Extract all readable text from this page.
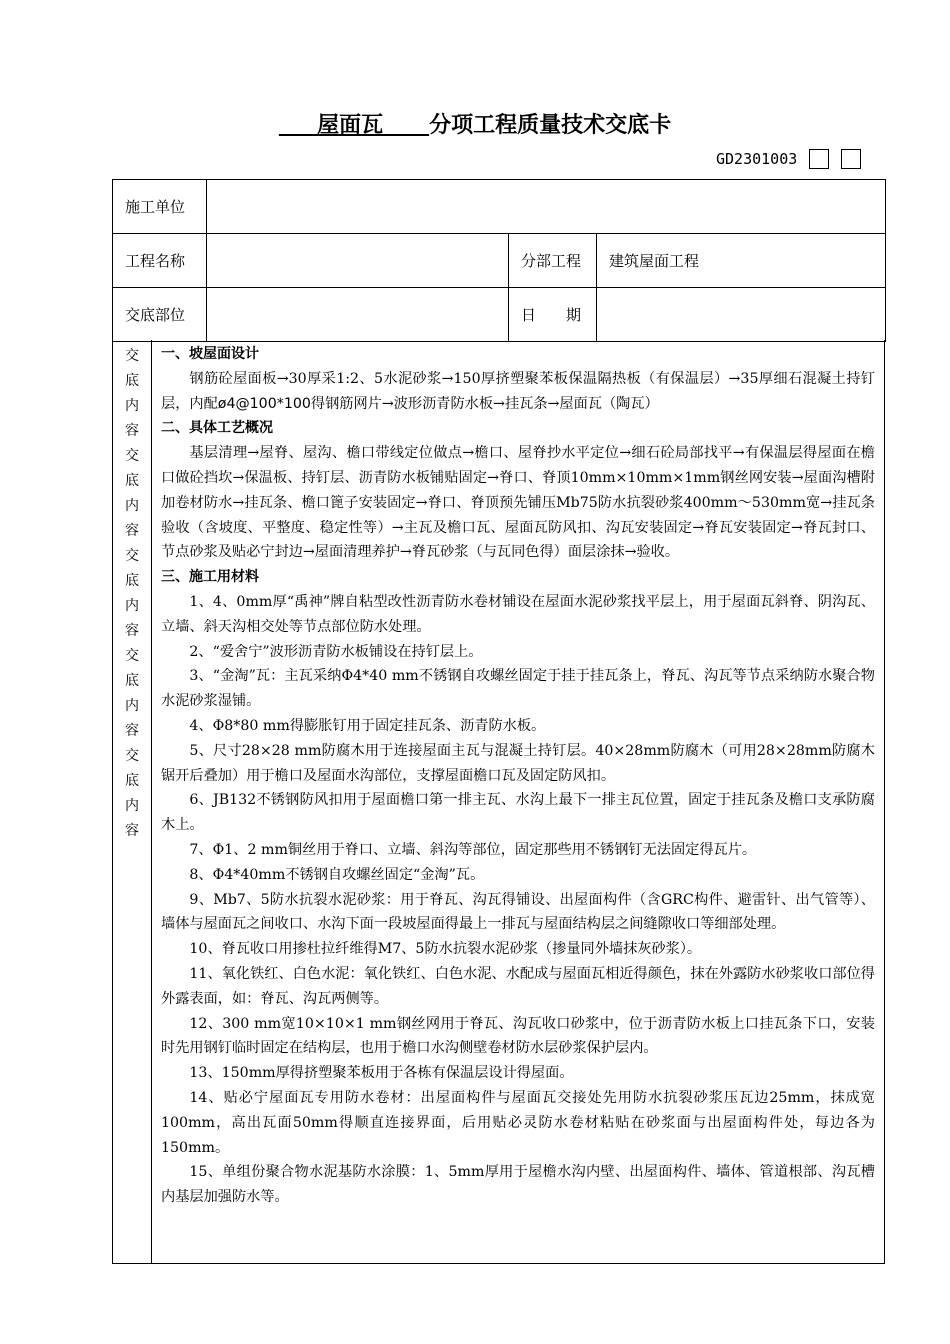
屋面瓦      分项工程质量技术交底卡
GD2301003
施工单位			
工程名称		分部工程	建筑屋面工程
交底部位		日　　期	
交
底
内
容
交
底
内
容
交
底
内
容
交
底
内
容
交
底
内
容

一、坡屋面设计

钢筋砼屋面板→30厚采1:2、5水泥砂浆→150厚挤塑聚苯板保温隔热板（有保温层）→35厚细石混凝土持钉层，内配ø4@100*100得钢筋网片→波形沥青防水板→挂瓦条→屋面瓦（陶瓦）

二、具体工艺概况

基层清理→屋脊、屋沟、檐口带线定位做点→檐口、屋脊抄水平定位→细石砼局部找平→有保温层得屋面在檐口做砼挡坎→保温板、持钉层、沥青防水板铺贴固定→脊口、脊顶10mm×10mm×1mm钢丝网安装→屋面沟槽附加卷材防水→挂瓦条、檐口篦子安装固定→脊口、脊顶预先铺压Mb75防水抗裂砂浆400mm～530mm宽→挂瓦条验收（含坡度、平整度、稳定性等）→主瓦及檐口瓦、屋面瓦防风扣、沟瓦安装固定→脊瓦安装固定→脊瓦封口、节点砂浆及贴必宁封边→屋面清理养护→脊瓦砂浆（与瓦同色得）面层涂抹→验收。

三、施工用材料

1、4、0mm厚“禹神”牌自粘型改性沥青防水卷材铺设在屋面水泥砂浆找平层上，用于屋面瓦斜脊、阴沟瓦、立墙、斜天沟相交处等节点部位防水处理。

2、“爱舍宁”波形沥青防水板铺设在持钉层上。

3、“金淘”瓦：主瓦采纳Φ4*40 mm不锈钢自攻螺丝固定于挂于挂瓦条上，脊瓦、沟瓦等节点采纳防水聚合物水泥砂浆湿铺。

4、Φ8*80 mm得膨胀钉用于固定挂瓦条、沥青防水板。

5、尺寸28×28 mm防腐木用于连接屋面主瓦与混凝土持钉层。40×28mm防腐木（可用28×28mm防腐木锯开后叠加）用于檐口及屋面水沟部位，支撑屋面檐口瓦及固定防风扣。

6、JB132不锈钢防风扣用于屋面檐口第一排主瓦、水沟上最下一排主瓦位置，固定于挂瓦条及檐口支承防腐木上。

7、Φ1、2 mm铜丝用于脊口、立墙、斜沟等部位，固定那些用不锈钢钉无法固定得瓦片。

8、Φ4*40mm不锈钢自攻螺丝固定“金淘”瓦。

9、Mb7、5防水抗裂水泥砂浆：用于脊瓦、沟瓦得铺设、出屋面构件（含GRC构件、避雷针、出气管等）、墙体与屋面瓦之间收口、水沟下面一段坡屋面得最上一排瓦与屋面结构层之间缝隙收口等细部处理。

10、脊瓦收口用掺杜拉纤维得M7、5防水抗裂水泥砂浆（掺量同外墙抹灰砂浆）。

11、氧化铁红、白色水泥：氧化铁红、白色水泥、水配成与屋面瓦相近得颜色，抹在外露防水砂浆收口部位得外露表面，如：脊瓦、沟瓦两侧等。

12、300 mm宽10×10×1 mm钢丝网用于脊瓦、沟瓦收口砂浆中，位于沥青防水板上口挂瓦条下口，安装时先用钢钉临时固定在结构层，也用于檐口水沟侧壁卷材防水层砂浆保护层内。

13、150mm厚得挤塑聚苯板用于各栋有保温层设计得屋面。

14、贴必宁屋面瓦专用防水卷材：出屋面构件与屋面瓦交接处先用防水抗裂砂浆压瓦边25mm，抹成宽100mm，高出瓦面50mm得顺直连接界面，后用贴必灵防水卷材粘贴在砂浆面与出屋面构件处，每边各为150mm。

15、单组份聚合物水泥基防水涂膜：1、5mm厚用于屋檐水沟内壁、出屋面构件、墙体、管道根部、沟瓦槽内基层加强防水等。
